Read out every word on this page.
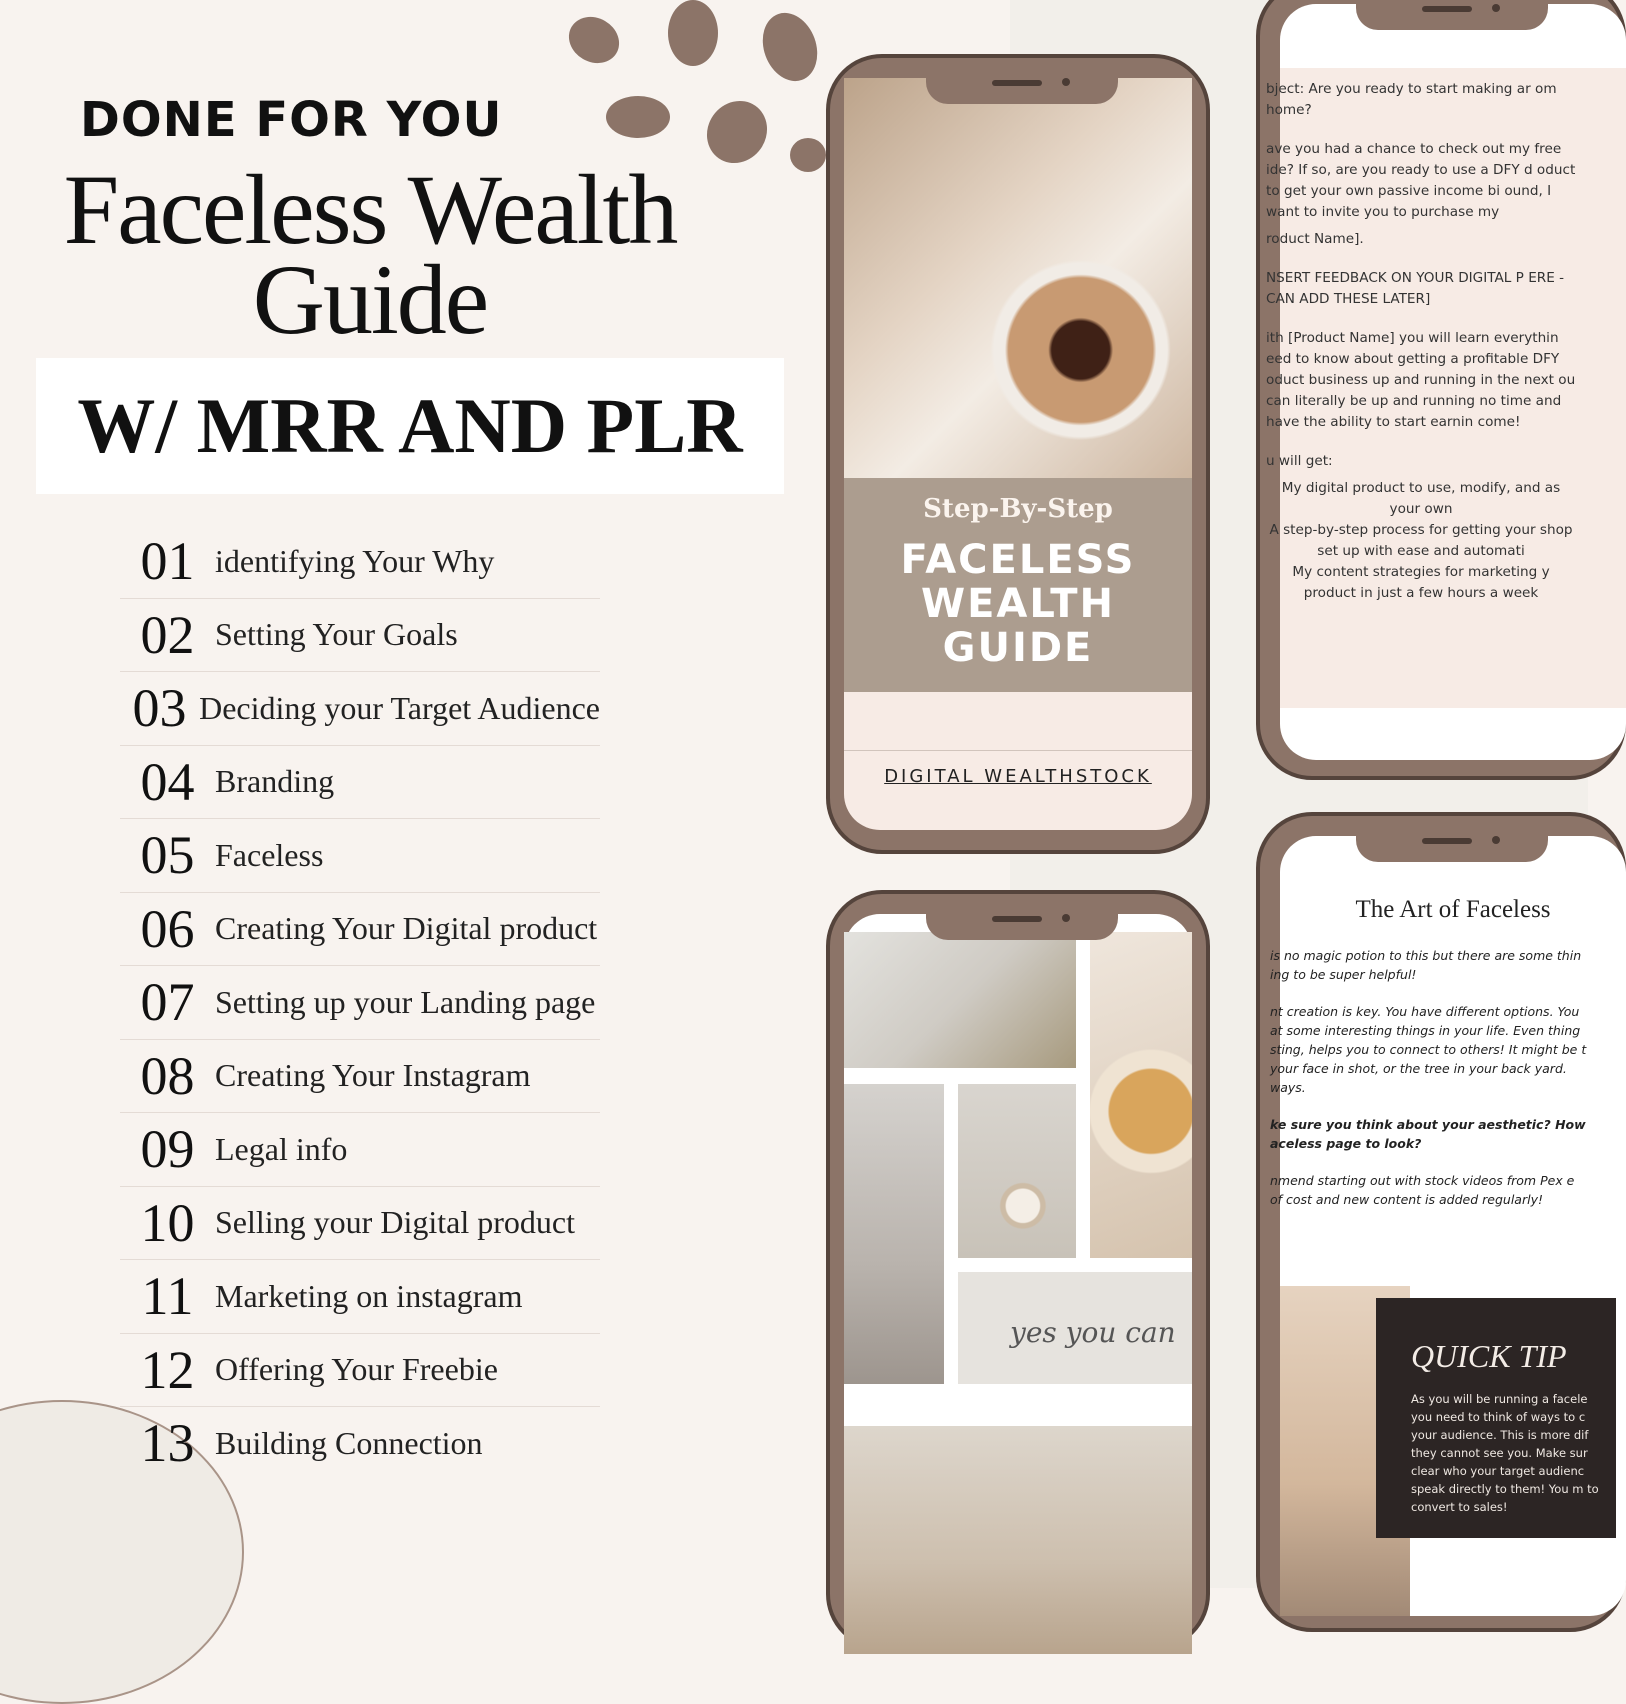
DONE FOR YOU
Faceless Wealth
Guide
W/ MRR AND PLR
01 identifying Your Why
02 Setting Your Goals
03 Deciding your Target Audience
04 Branding
05 Faceless
06 Creating Your Digital product
07 Setting up your Landing page
08 Creating Your Instagram
09 Legal info
10 Selling your Digital product
11 Marketing on instagram
12 Offering Your Freebie
13 Building Connection
Step-By-Step
FACELESS
WEALTH
GUIDE
DIGITAL WEALTHSTOCK

bject: Are you ready to start making ar om home?

ave you had a chance to check out my free ide? If so, are you ready to use a DFY d oduct to get your own passive income bi ound, I want to invite you to purchase my

roduct Name].

NSERT FEEDBACK ON YOUR DIGITAL P ERE - CAN ADD THESE LATER]

ith [Product Name] you will learn everythin eed to know about getting a profitable DFY oduct business up and running in the next ou can literally be up and running no time and have the ability to start earnin come!

u will get:

My digital product to use, modify, and as your own

A step-by-step process for getting your shop set up with ease and automati

My content strategies for marketing y product in just a few hours a week

yes you can
The Art of Faceless

is no magic potion to this but there are some thin ing to be super helpful!

nt creation is key. You have different options. You at some interesting things in your life. Even thing sting, helps you to connect to others! It might be t your face in shot, or the tree in your back yard. ways.

ke sure you think about your aesthetic? How aceless page to look?

nmend starting out with stock videos from Pex e of cost and new content is added regularly!

QUICK TIP
As you will be running a facele you need to think of ways to c your audience. This is more dif they cannot see you. Make sur clear who your target audienc speak directly to them! You m to convert to sales!
